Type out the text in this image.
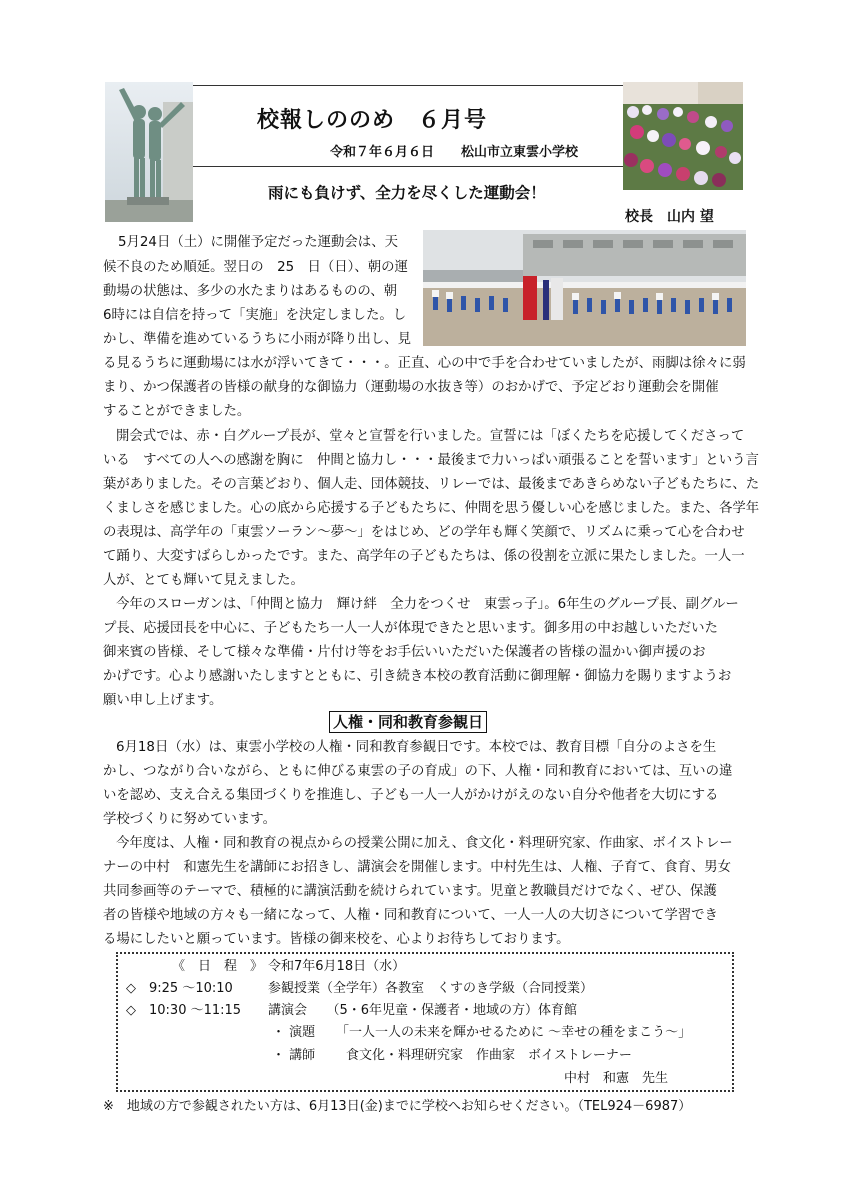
校報しののめ　６月号
令和７年６月６日 松山市立東雲小学校
雨にも負けず、全力を尽くした運動会！
校長　山内 望
5月24日（土）に開催予定だった運動会は、天
候不良のため順延。翌日の　25　日（日）、朝の運
動場の状態は、多少の水たまりはあるものの、朝
6時には自信を持って「実施」を決定しました。し
かし、準備を進めているうちに小雨が降り出し、見
る見るうちに運動場には水が浮いてきて・・・。正直、心の中で手を合わせていましたが、雨脚は徐々に弱
まり、かつ保護者の皆様の献身的な御協力（運動場の水抜き等）のおかげで、予定どおり運動会を開催
することができました。
開会式では、赤・白グループ長が、堂々と宣誓を行いました。宣誓には「ぼくたちを応援してくださって
いる　すべての人への感謝を胸に　仲間と協力し・・・最後まで力いっぱい頑張ることを誓います」という言
葉がありました。その言葉どおり、個人走、団体競技、リレーでは、最後まであきらめない子どもたちに、た
くましさを感じました。心の底から応援する子どもたちに、仲間を思う優しい心を感じました。また、各学年
の表現は、高学年の「東雲ソーラン～夢～」をはじめ、どの学年も輝く笑顔で、リズムに乗って心を合わせ
て踊り、大変すばらしかったです。また、高学年の子どもたちは、係の役割を立派に果たしました。一人一
人が、とても輝いて見えました。
今年のスローガンは、「仲間と協力　輝け絆　全力をつくせ　東雲っ子」。6年生のグループ長、副グルー
プ長、応援団長を中心に、子どもたち一人一人が体現できたと思います。御多用の中お越しいただいた
御来賓の皆様、そして様々な準備・片付け等をお手伝いいただいた保護者の皆様の温かい御声援のお
かげです。心より感謝いたしますとともに、引き続き本校の教育活動に御理解・御協力を賜りますようお
願い申し上げます。
人権・同和教育参観日
6月18日（水）は、東雲小学校の人権・同和教育参観日です。本校では、教育目標「自分のよさを生
かし、つながり合いながら、ともに伸びる東雲の子の育成」の下、人権・同和教育においては、互いの違
いを認め、支え合える集団づくりを推進し、子ども一人一人がかけがえのない自分や他者を大切にする
学校づくりに努めています。
今年度は、人権・同和教育の視点からの授業公開に加え、食文化・料理研究家、作曲家、ボイストレー
ナーの中村　和憲先生を講師にお招きし、講演会を開催します。中村先生は、人権、子育て、食育、男女
共同参画等のテーマで、積極的に講演活動を続けられています。児童と教職員だけでなく、ぜひ、保護
者の皆様や地域の方々も一緒になって、人権・同和教育について、一人一人の大切さについて学習でき
る場にしたいと願っています。皆様の御来校を、心よりお待ちしております。
《　日　程　》 令和7年6月18日（水）
◇　9:25 ～10:10	参観授業（全学年）各教室　くすのき学級（合同授業）
◇　10:30 ～11:15 講演会　　（5・6年児童・保護者・地域の方）体育館
・ 演題 「一人一人の未来を輝かせるために ～幸せの種をまこう～」
・ 講師 食文化・料理研究家　作曲家　ボイストレーナー
中村　和憲　先生
※　地域の方で参観されたい方は、6月13日(金)までに学校へお知らせください。（TEL924－6987）
